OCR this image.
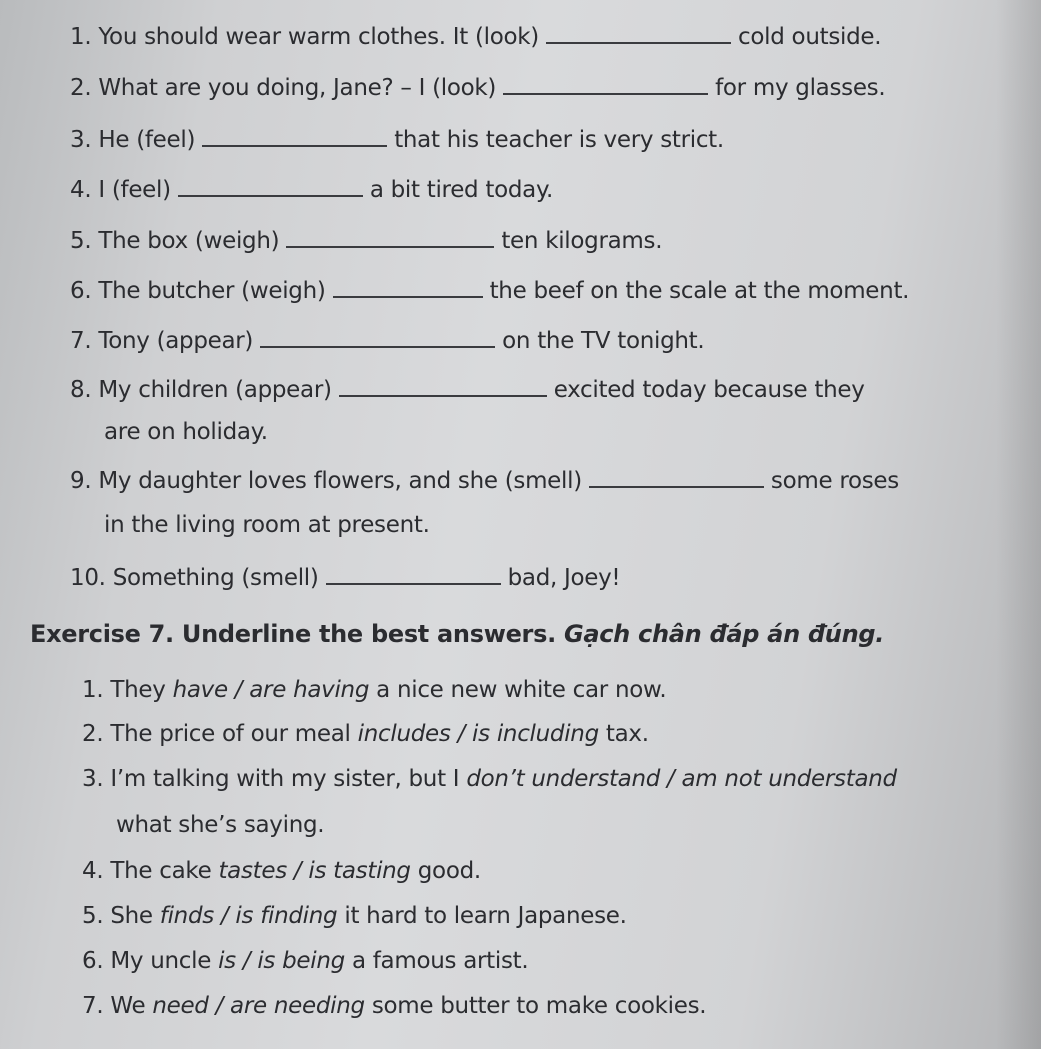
1. You should wear warm clothes. It (look)	cold outside.
2. What are you doing, Jane? – I (look)	for my glasses.
3. He (feel)	that his teacher is very strict.
4. I (feel)	a bit tired today.
5. The box (weigh)	ten kilograms.
6. The butcher (weigh)	the beef on the scale at the moment.
7. Tony (appear)	on the TV tonight.
8. My children (appear)	excited today because they
are on holiday.
9. My daughter loves flowers, and she (smell)	some roses
in the living room at present.
10. Something (smell)	bad, Joey!
Exercise 7. Underline the best answers. Gạch chân đáp án đúng.
1. They have / are having a nice new white car now.
2. The price of our meal includes / is including tax.
3. I’m talking with my sister, but I don’t understand / am not understand
what she’s saying.
4. The cake tastes / is tasting good.
5. She finds / is finding it hard to learn Japanese.
6. My uncle is / is being a famous artist.
7. We need / are needing some butter to make cookies.
